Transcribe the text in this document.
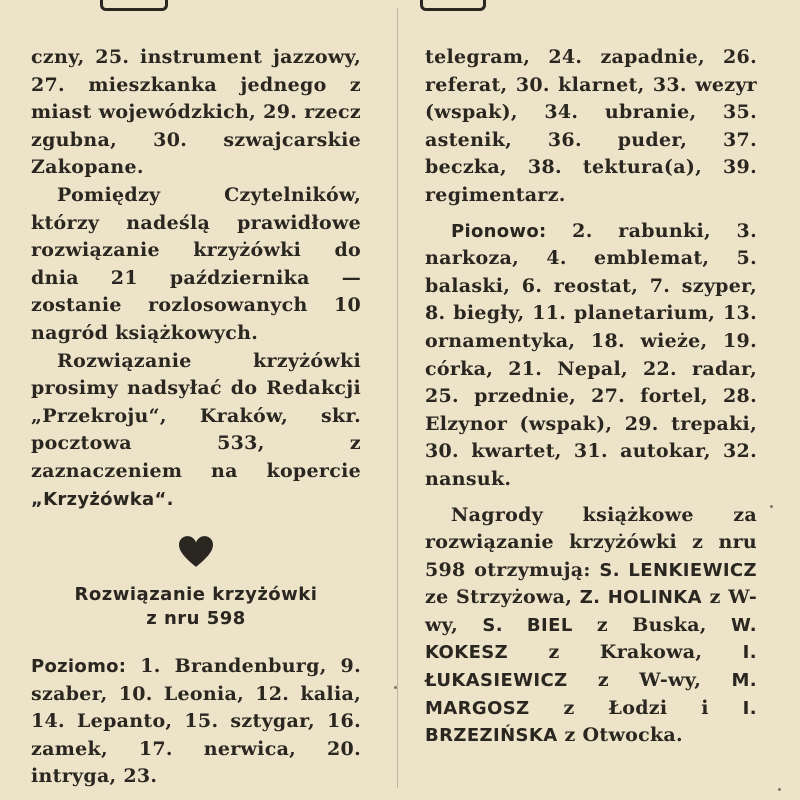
czny, 25. instrument jazzowy, 27. mieszkanka jednego z miast wojewódzkich, 29. rzecz zgubna, 30. szwajcarskie Zakopane.

Pomiędzy Czytelników, którzy nadeślą prawidłowe rozwiązanie krzyżówki do dnia 21 października — zostanie rozlosowanych 10 nagród książkowych.

Rozwiązanie krzyżówki prosimy nadsyłać do Redakcji „Przekroju“, Kraków, skr. pocztowa 533, z zaznaczeniem na kopercie „Krzyżówka“.

Rozwiązanie krzyżówki
z nru 598

Poziomo: 1. Brandenburg, 9. szaber, 10. Leonia, 12. kalia, 14. Lepanto, 15. sztygar, 16. zamek, 17. nerwica, 20. intryga, 23.

telegram, 24. zapadnie, 26. referat, 30. klarnet, 33. wezyr (wspak), 34. ubranie, 35. astenik, 36. puder, 37. beczka, 38. tektura(a), 39. regimentarz.

Pionowo: 2. rabunki, 3. narkoza, 4. emblemat, 5. balaski, 6. reostat, 7. szyper, 8. biegły, 11. planetarium, 13. ornamentyka, 18. wieże, 19. córka, 21. Nepal, 22. radar, 25. przednie, 27. fortel, 28. Elzynor (wspak), 29. trepaki, 30. kwartet, 31. autokar, 32. nansuk.

Nagrody książkowe za rozwiązanie krzyżówki z nru 598 otrzymują: S. LENKIEWICZ ze Strzyżowa, Z. HOLINKA z W-wy, S. BIEL z Buska, W. KOKESZ z Krakowa, I. ŁUKASIEWICZ z W-wy, M. MARGOSZ z Łodzi i I. BRZEZIŃSKA z Otwocka.
